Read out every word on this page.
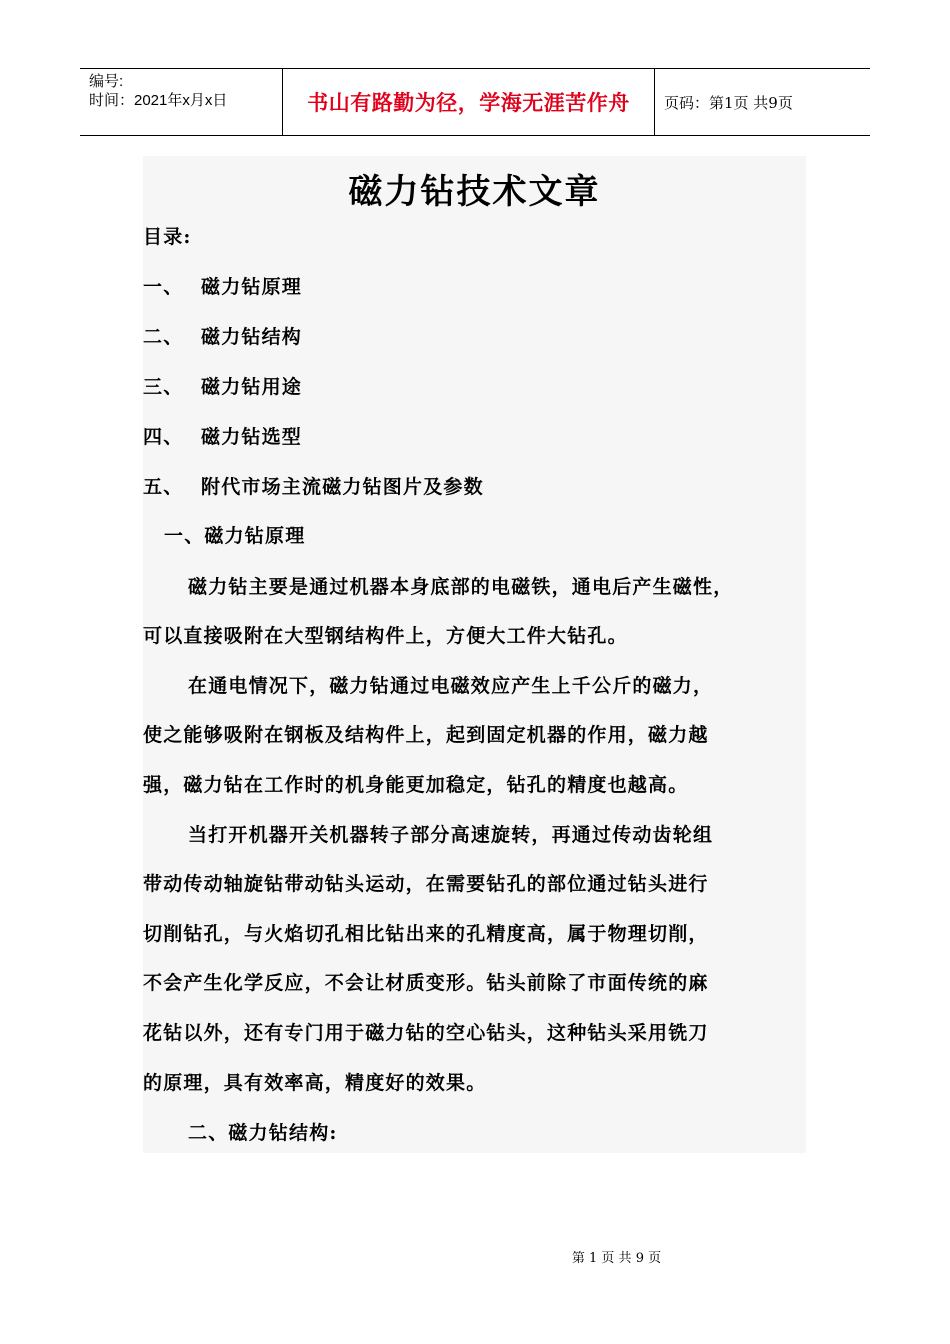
编号:
时间：2021年x月x日	书山有路勤为径，学海无涯苦作舟	页码：第1页 共9页
磁力钻技术文章
目录:
一、 磁力钻原理
二、 磁力钻结构
三、 磁力钻用途
四、 磁力钻选型
五、 附代市场主流磁力钻图片及参数
一、磁力钻原理
磁力钻主要是通过机器本身底部的电磁铁，通电后产生磁性，
可以直接吸附在大型钢结构件上，方便大工件大钻孔。
在通电情况下，磁力钻通过电磁效应产生上千公斤的磁力，
使之能够吸附在钢板及结构件上，起到固定机器的作用，磁力越
强，磁力钻在工作时的机身能更加稳定，钻孔的精度也越高。
当打开机器开关机器转子部分高速旋转，再通过传动齿轮组
带动传动轴旋钻带动钻头运动，在需要钻孔的部位通过钻头进行
切削钻孔，与火焰切孔相比钻出来的孔精度高，属于物理切削，
不会产生化学反应，不会让材质变形。钻头前除了市面传统的麻
花钻以外，还有专门用于磁力钻的空心钻头，这种钻头采用铣刀
的原理，具有效率高，精度好的效果。
二、磁力钻结构:
第 1 页 共 9 页
